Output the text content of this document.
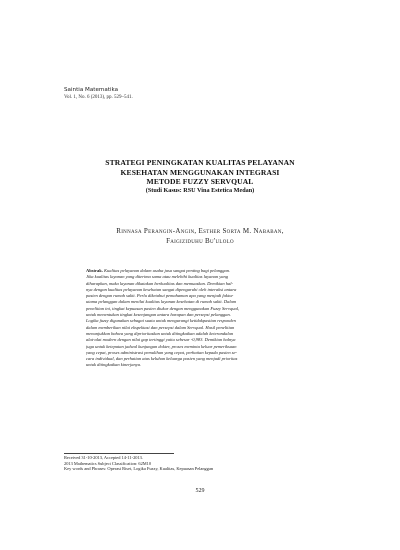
Saintia Matematika
Vol. 1, No. 6 (2013), pp. 529–541.
STRATEGI PENINGKATAN KUALITAS PELAYANAN
KESEHATAN MENGGUNAKAN INTEGRASI
METODE FUZZY SERVQUAL
(Studi Kasus: RSU Vina Estetica Medan)
Rinnasa Perangin-Angin, Esther Sorta M. Nababan,
Faigiziduhu Bu'ulolo
Abstrak. Kualitas pelayanan dalam usaha jasa sangat penting bagi pelanggan.
Jika kualitas layanan yang diterima sama atau melebihi kualitas layanan yang
diharapkan, maka layanan dikatakan berkualitas dan memuaskan. Demikian hal-
nya dengan kualitas pelayanan kesehatan sangat dipengaruhi oleh interaksi antara
pasien dengan rumah sakit. Perlu diketahui pemahaman apa yang menjadi faktor
utama pelanggan dalam menilai kualitas layanan kesehatan di rumah sakit. Dalam
penelitian ini, tingkat kepuasan pasien diukur dengan menggunakan Fuzzy Servqual,
untuk menentukan tingkat kesenjangan antara harapan dan persepsi pelanggan.
Logika fuzzy digunakan sebagai suatu untuk mengurangi ketidakpastian responden
dalam memberikan nilai ekspektasi dan persepsi dalam Servqual. Hasil penelitian
menunjukkan bahwa yang diprioritaskan untuk ditingkatkan adalah keterandalan
alat-alat modern dengan nilai gap tertinggi yaitu sebesar -0,983. Demikian halnya
juga untuk ketepatan jadwal kunjungan dokter, proses meminta keluar pemeriksaan
yang cepat, proses administrasi pemulihan yang cepat, perhatian kepada pasien se-
cara individual, dan perhatian atas keluhan keluarga pasien yang menjadi prioritas
untuk ditingkatkan kinerjanya.
Received 31-10-2013, Accepted 14-11-2013.
2013 Mathematics Subject Classification: 62M10
Key words and Phrases: Operasi Riset, Logika Fuzzy, Kualitas, Kepuasan Pelanggan
529
